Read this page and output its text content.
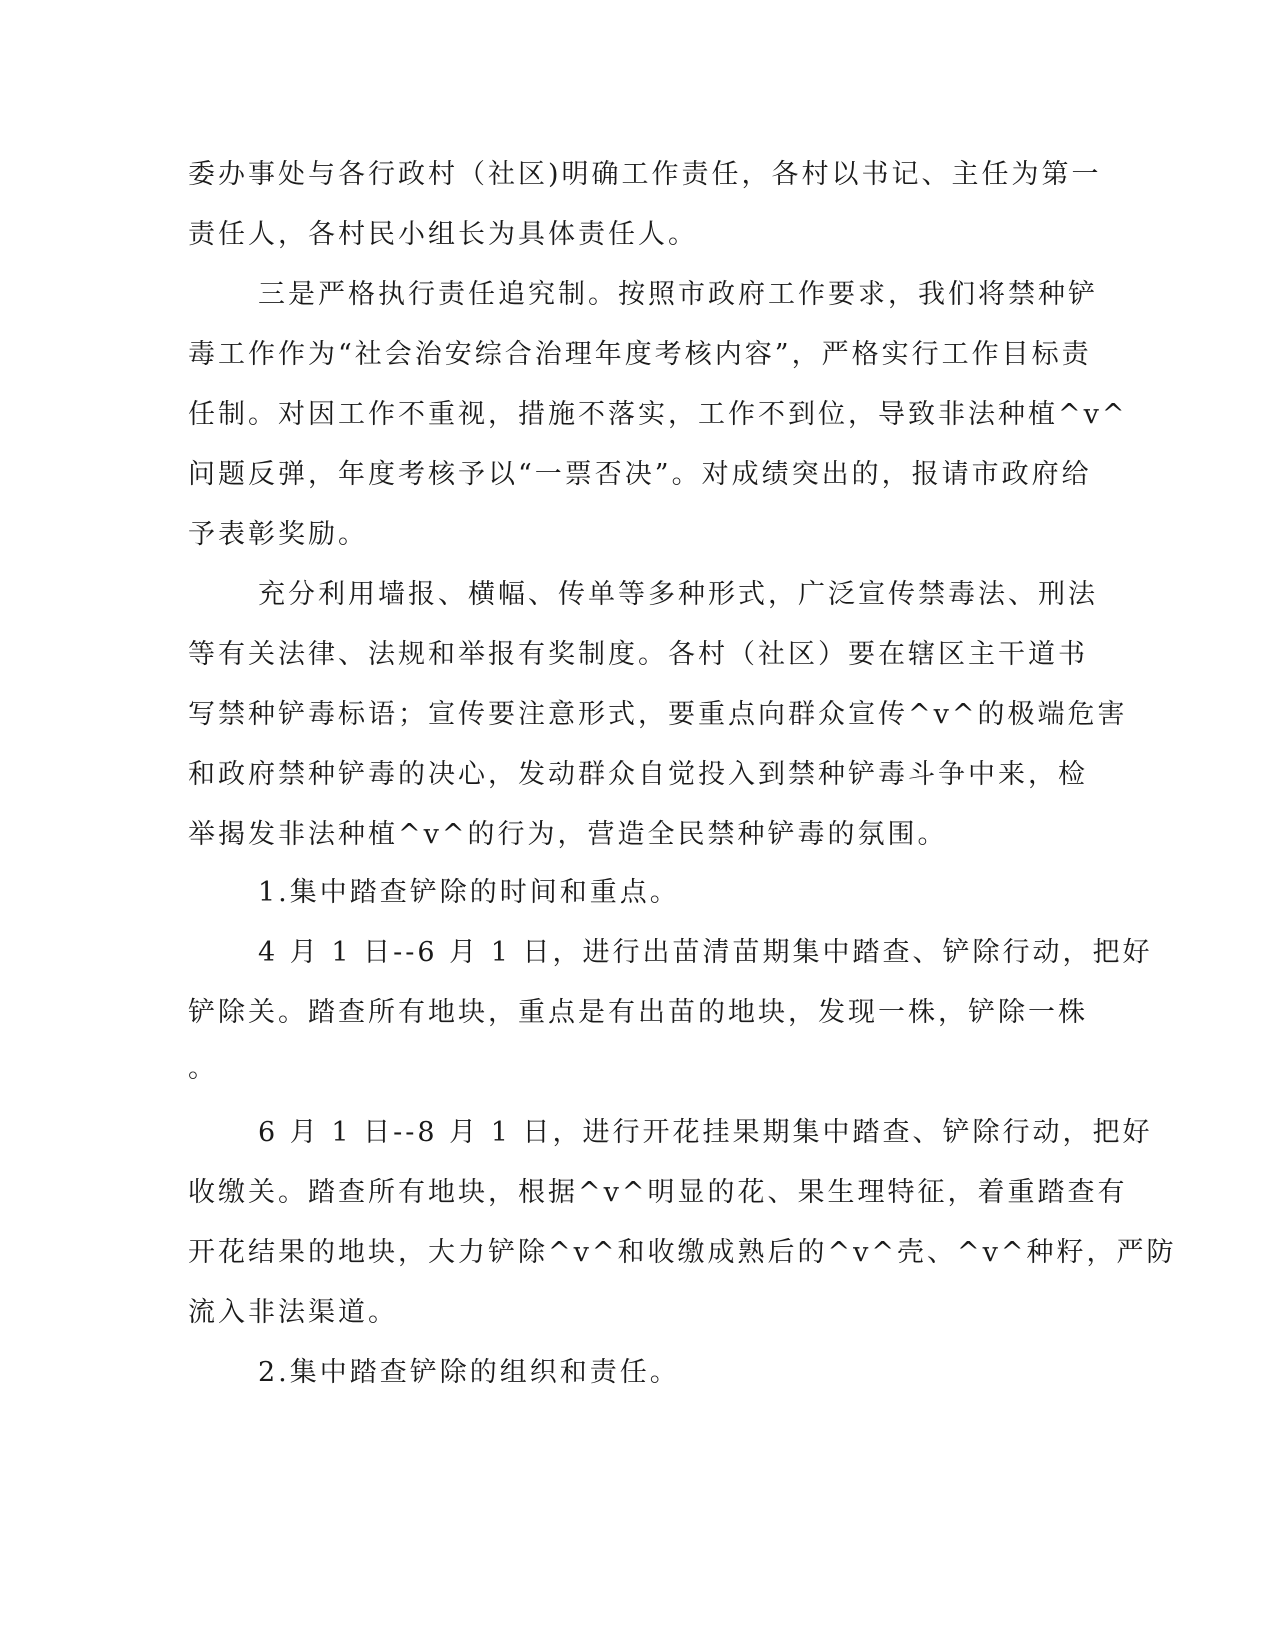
委办事处与各行政村（社区)明确工作责任，各村以书记、主任为第一
责任人，各村民小组长为具体责任人。
三是严格执行责任追究制。按照市政府工作要求，我们将禁种铲
毒工作作为“社会治安综合治理年度考核内容”，严格实行工作目标责
任制。对因工作不重视，措施不落实，工作不到位，导致非法种植^v^
问题反弹，年度考核予以“一票否决”。对成绩突出的，报请市政府给
予表彰奖励。
充分利用墙报、横幅、传单等多种形式，广泛宣传禁毒法、刑法
等有关法律、法规和举报有奖制度。各村（社区）要在辖区主干道书
写禁种铲毒标语；宣传要注意形式，要重点向群众宣传^v^的极端危害
和政府禁种铲毒的决心，发动群众自觉投入到禁种铲毒斗争中来，检
举揭发非法种植^v^的行为，营造全民禁种铲毒的氛围。
1.集中踏查铲除的时间和重点。
4 月 1 日--6 月 1 日，进行出苗清苗期集中踏查、铲除行动，把好
铲除关。踏查所有地块，重点是有出苗的地块，发现一株，铲除一株
。
6 月 1 日--8 月 1 日，进行开花挂果期集中踏查、铲除行动，把好
收缴关。踏查所有地块，根据^v^明显的花、果生理特征，着重踏查有
开花结果的地块，大力铲除^v^和收缴成熟后的^v^壳、^v^种籽，严防
流入非法渠道。
2.集中踏查铲除的组织和责任。
